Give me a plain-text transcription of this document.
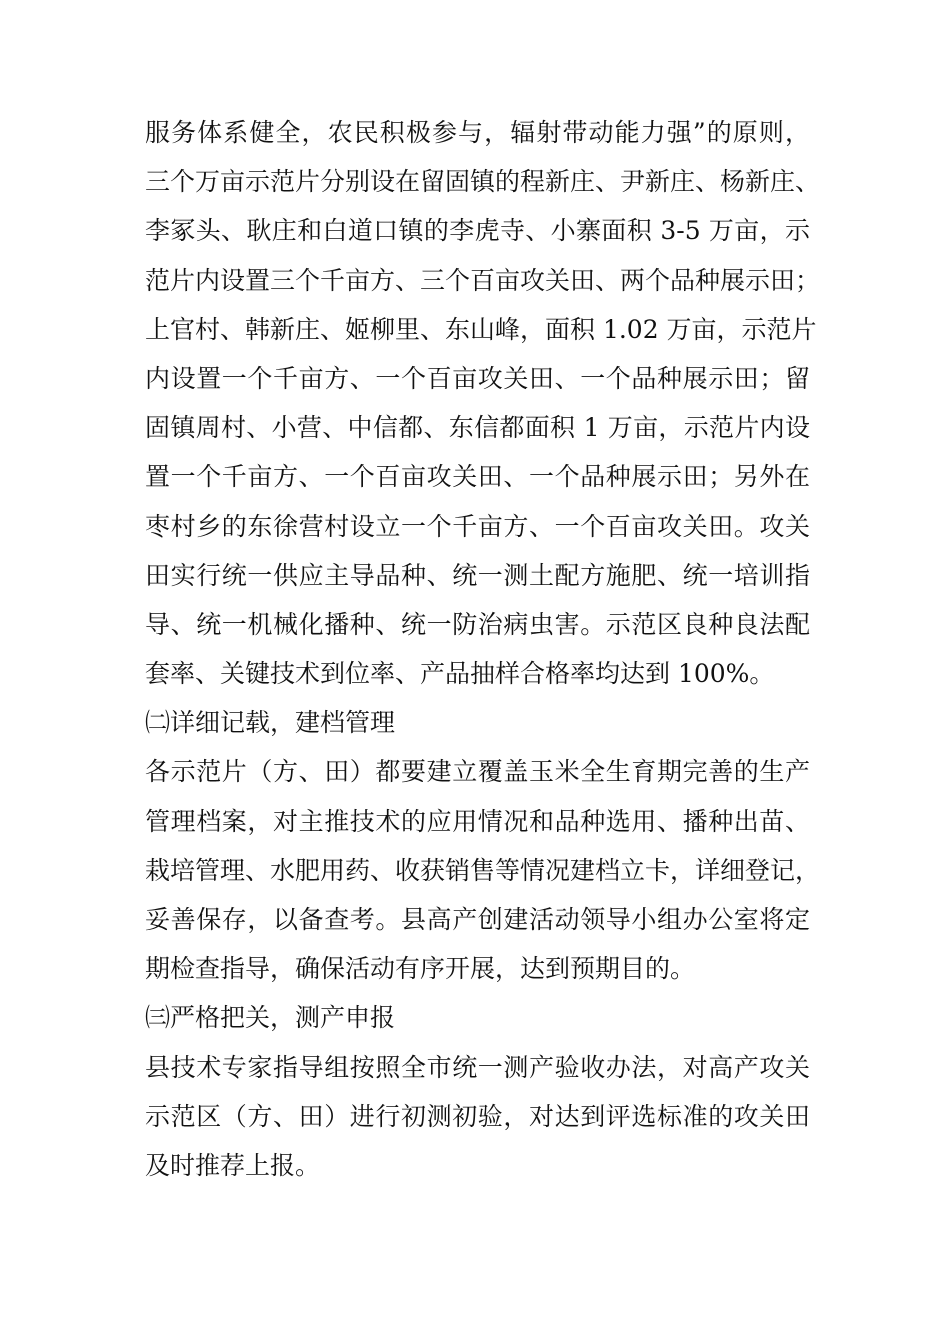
服务体系健全，农民积极参与，辐射带动能力强”的原则，
三个万亩示范片分别设在留固镇的程新庄、尹新庄、杨新庄、
李冢头、耿庄和白道口镇的李虎寺、小寨面积 3-5 万亩，示
范片内设置三个千亩方、三个百亩攻关田、两个品种展示田；
上官村、韩新庄、姬柳里、东山峰，面积 1.02 万亩，示范片
内设置一个千亩方、一个百亩攻关田、一个品种展示田；留
固镇周村、小营、中信都、东信都面积 1 万亩，示范片内设
置一个千亩方、一个百亩攻关田、一个品种展示田；另外在
枣村乡的东徐营村设立一个千亩方、一个百亩攻关田。攻关
田实行统一供应主导品种、统一测土配方施肥、统一培训指
导、统一机械化播种、统一防治病虫害。示范区良种良法配
套率、关键技术到位率、产品抽样合格率均达到 100%。
㈡详细记载，建档管理
各示范片（方、田）都要建立覆盖玉米全生育期完善的生产
管理档案，对主推技术的应用情况和品种选用、播种出苗、
栽培管理、水肥用药、收获销售等情况建档立卡，详细登记，
妥善保存，以备查考。县高产创建活动领导小组办公室将定
期检查指导，确保活动有序开展，达到预期目的。
㈢严格把关，测产申报
县技术专家指导组按照全市统一测产验收办法，对高产攻关
示范区（方、田）进行初测初验，对达到评选标准的攻关田
及时推荐上报。
